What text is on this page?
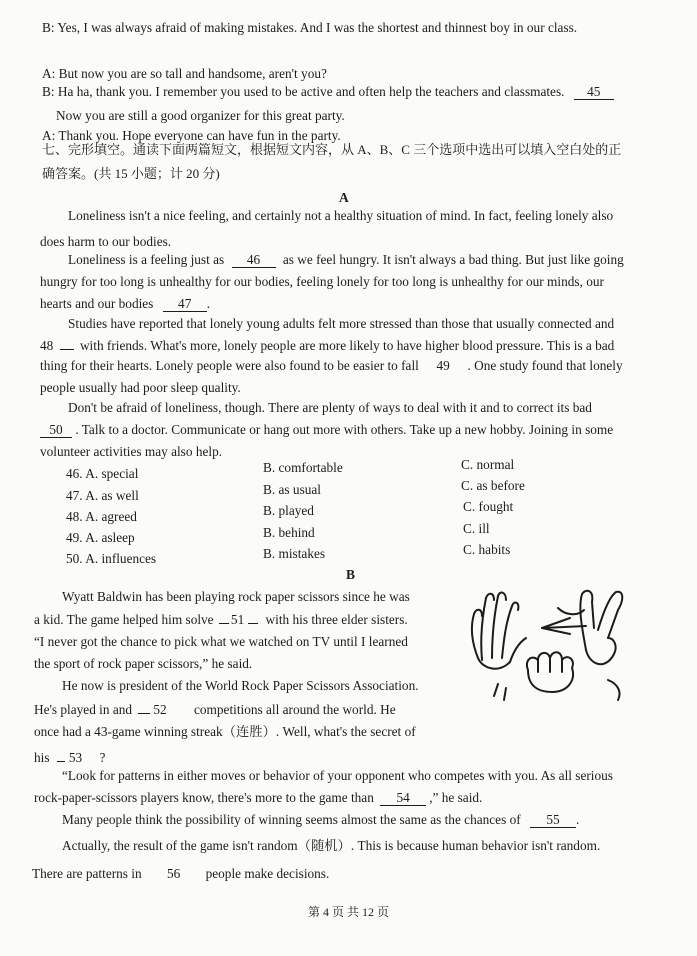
B: Yes, I was always afraid of making mistakes. And I was the shortest and thinnest boy in our class.
A: But now you are so tall and handsome, aren't you?
B: Ha ha, thank you. I remember you used to be active and often help the teachers and classmates. 45
Now you are still a good organizer for this great party.
A: Thank you. Hope everyone can have fun in the party.
七、完形填空。通读下面两篇短文，根据短文内容，从 A、B、C 三个选项中选出可以填入空白处的正
确答案。(共 15 小题；计 20 分)
A
Loneliness isn't a nice feeling, and certainly not a healthy situation of mind. In fact, feeling lonely also
does harm to our bodies.
Loneliness is a feeling just as 46 as we feel hungry. It isn't always a bad thing. But just like going
hungry for too long is unhealthy for our bodies, feeling lonely for too long is unhealthy for our minds, our
hearts and our bodies 47 .
Studies have reported that lonely young adults felt more stressed than those that usually connected and
48 with friends. What's more, lonely people are more likely to have higher blood pressure. This is a bad
thing for their hearts. Lonely people were also found to be easier to fall 49 . One study found that lonely
people usually had poor sleep quality.
Don't be afraid of loneliness, though. There are plenty of ways to deal with it and to correct its bad
50 . Talk to a doctor. Communicate or hang out more with others. Take up a new hobby. Joining in some
volunteer activities may also help.
46. A. special	B. comfortable	C. normal
47. A. as well	B. as usual	C. as before
48. A. agreed	B. played	C. fought
49. A. asleep	B. behind	C. ill
50. A. influences	B. mistakes	C. habits
B
Wyatt Baldwin has been playing rock paper scissors since he was
a kid. The game helped him solve 51 with his three elder sisters.
“I never got the chance to pick what we watched on TV until I learned
the sport of rock paper scissors,” he said.
He now is president of the World Rock Paper Scissors Association.
He's played in and 52 competitions all around the world. He
once had a 43-game winning streak（连胜）. Well, what's the secret of
his 53 ?
“Look for patterns in either moves or behavior of your opponent who competes with you. As all serious
rock-paper-scissors players know, there's more to the game than 54 ,” he said.
Many people think the possibility of winning seems almost the same as the chances of 55 .
Actually, the result of the game isn't random（随机）. This is because human behavior isn't random.
There are patterns in 56 people make decisions.
第 4 页 共 12 页
